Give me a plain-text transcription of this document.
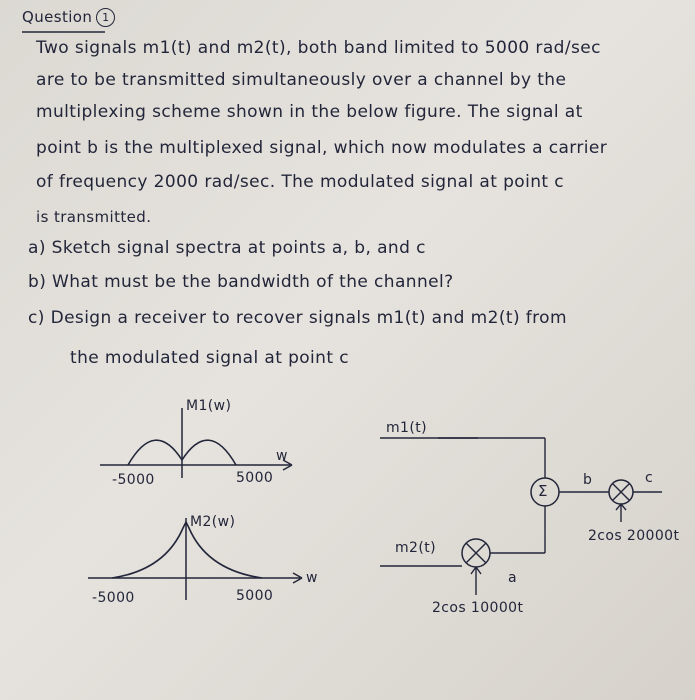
Question 1
Two signals m1(t) and m2(t), both band limited to 5000 rad/sec
are to be transmitted simultaneously over a channel by the
multiplexing scheme shown in the below figure. The signal at
point b is the multiplexed signal, which now modulates a carrier
of frequency 2000 rad/sec. The modulated signal at point c
is transmitted.
a) Sketch signal spectra at points a, b, and c
b) What must be the bandwidth of the channel?
c) Design a receiver to recover signals m1(t) and m2(t) from
the modulated signal at point c
M1(w)
-5000	5000
w
M2(w)
-5000	5000
w
m1(t)
m2(t)
Σ
b	c
a
2cos 10000t
2cos 20000t
